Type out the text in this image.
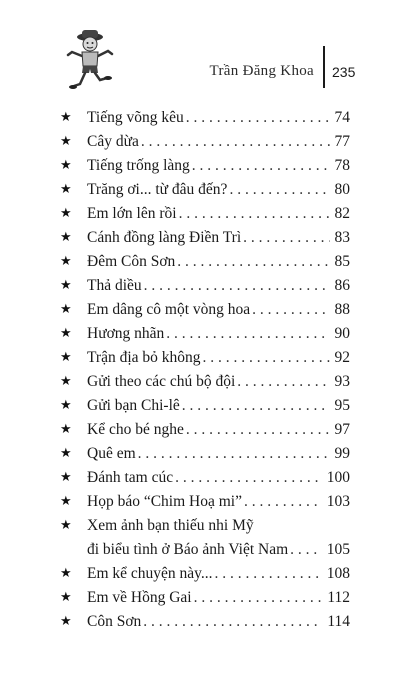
Trần Đăng Khoa 235
★ Tiếng võng kêu . . .	74
★ Cây dừa . . .	77
★ Tiếng trống làng . . .	78
★ Trăng ơi... từ đâu đến? . . .	80
★ Em lớn lên rồi . . .	82
★ Cánh đồng làng Điền Trì . . .	83
★ Đêm Côn Sơn . . .	85
★ Thả diều . . .	86
★ Em dâng cô một vòng hoa . . .	88
★ Hương nhãn . . .	90
★ Trận địa bỏ không . . .	92
★ Gửi theo các chú bộ đội . . .	93
★ Gửi bạn Chi-lê . . .	95
★ Kể cho bé nghe . . .	97
★ Quê em . . .	99
★ Đánh tam cúc . . .	100
★ Họp báo “Chim Hoạ mi” . . .	103
★ Xem ảnh bạn thiếu nhi Mỹ
đi biểu tình ở Báo ảnh Việt Nam . . . 105
★ Em kể chuyện này... . . .	108
★ Em về Hồng Gai . . .	112
★ Côn Sơn . . .	114
